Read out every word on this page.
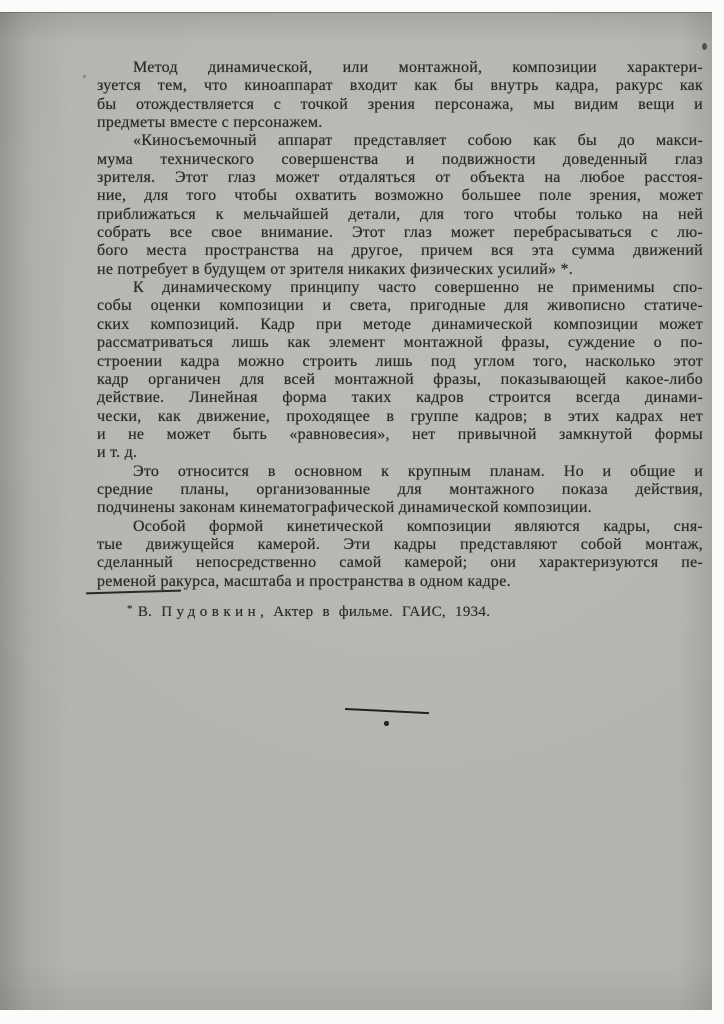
Метод динамической, или монтажной, композиции характери-
зуется тем, что киноаппарат входит как бы внутрь кадра, ракурс как
бы отождествляется с точкой зрения персонажа, мы видим вещи и
предметы вместе с персонажем.
«Киносъемочный аппарат представляет собою как бы до макси-
мума технического совершенства и подвижности доведенный глаз
зрителя. Этот глаз может отдаляться от объекта на любое расстоя-
ние, для того чтобы охватить возможно большее поле зрения, может
приближаться к мельчайшей детали, для того чтобы только на ней
собрать все свое внимание. Этот глаз может перебрасываться с лю-
бого места пространства на другое, причем вся эта сумма движений
не потребует в будущем от зрителя никаких физических усилий» *.
К динамическому принципу часто совершенно не применимы спо-
собы оценки композиции и света, пригодные для живописно статиче-
ских композиций. Кадр при методе динамической композиции может
рассматриваться лишь как элемент монтажной фразы, суждение о по-
строении кадра можно строить лишь под углом того, насколько этот
кадр органичен для всей монтажной фразы, показывающей какое-либо
действие. Линейная форма таких кадров строится всегда динами-
чески, как движение, проходящее в группе кадров; в этих кадрах нет
и не может быть «равновесия», нет привычной замкнутой формы
и т. д.
Это относится в основном к крупным планам. Но и общие и
средние планы, организованные для монтажного показа действия,
подчинены законам кинематографической динамической композиции.
Особой формой кинетической композиции являются кадры, сня-
тые движущейся камерой. Эти кадры представляют собой монтаж,
сделанный непосредственно самой камерой; они характеризуются пе-
ременой ракурса, масштаба и пространства в одном кадре.
* В. Пудовкин, Актер в фильме. ГАИС, 1934.
